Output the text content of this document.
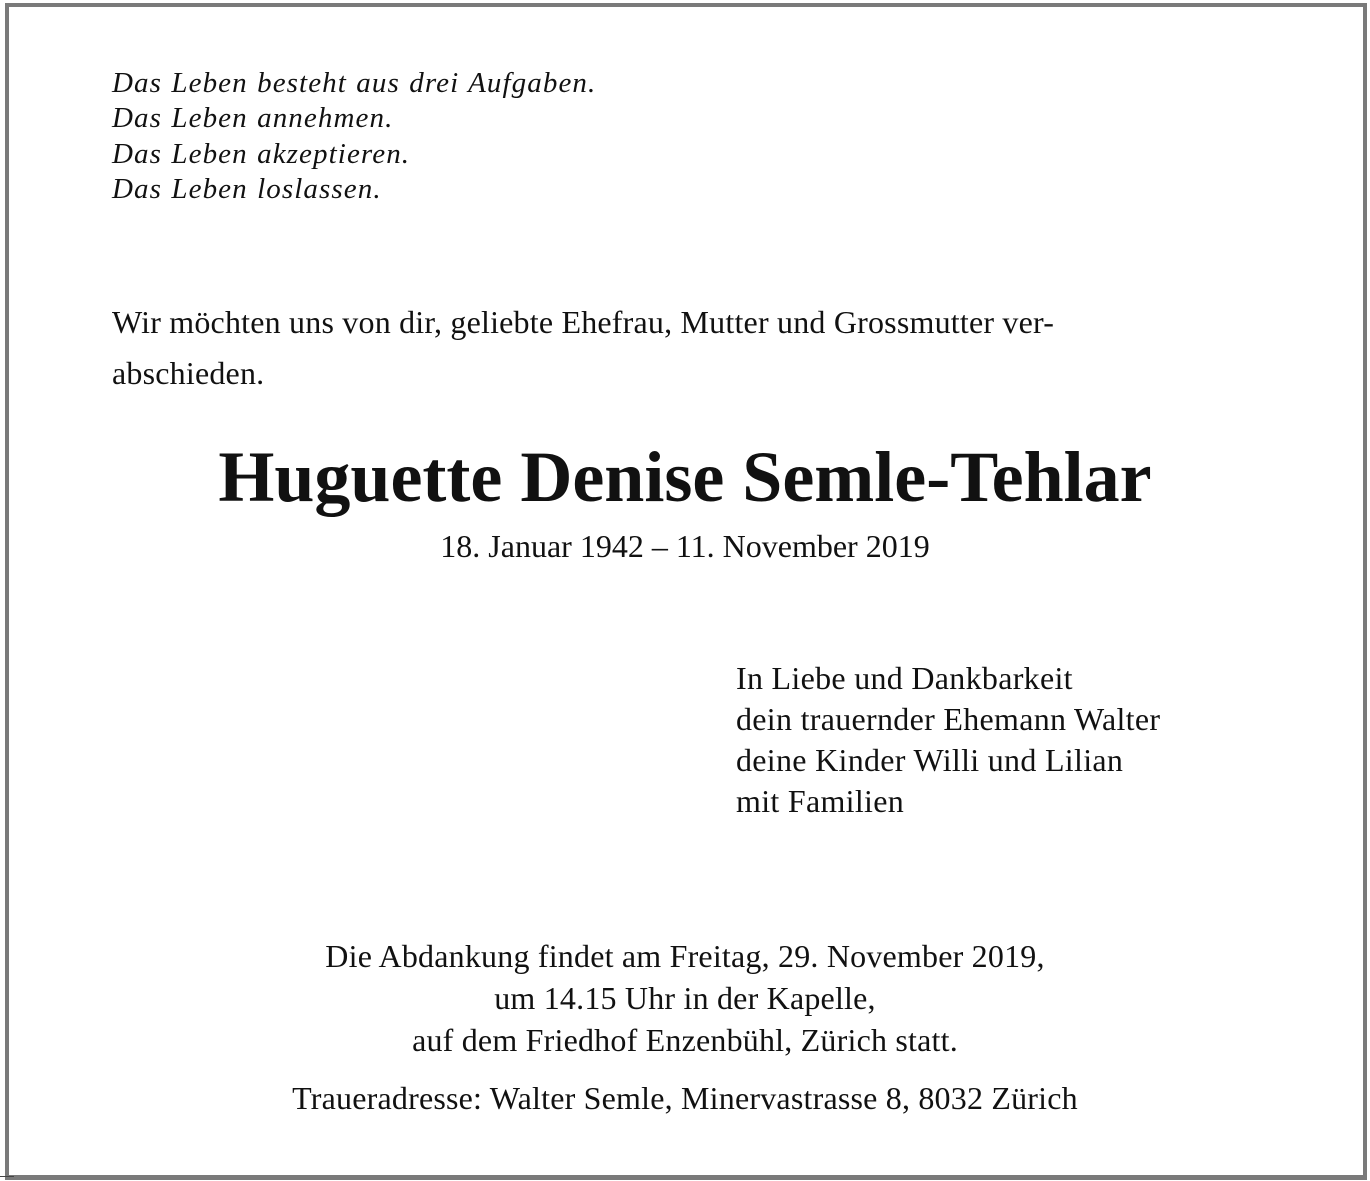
Das Leben besteht aus drei Aufgaben.
Das Leben annehmen.
Das Leben akzeptieren.
Das Leben loslassen.
Wir möchten uns von dir, geliebte Ehefrau, Mutter und Grossmutter ver-
abschieden.
Huguette Denise Semle-Tehlar
18. Januar 1942 – 11. November 2019
In Liebe und Dankbarkeit
dein trauernder Ehemann Walter
deine Kinder Willi und Lilian
mit Familien
Die Abdankung findet am Freitag, 29. November 2019,
um 14.15 Uhr in der Kapelle,
auf dem Friedhof Enzenbühl, Zürich statt.
Traueradresse: Walter Semle, Minervastrasse 8, 8032 Zürich
